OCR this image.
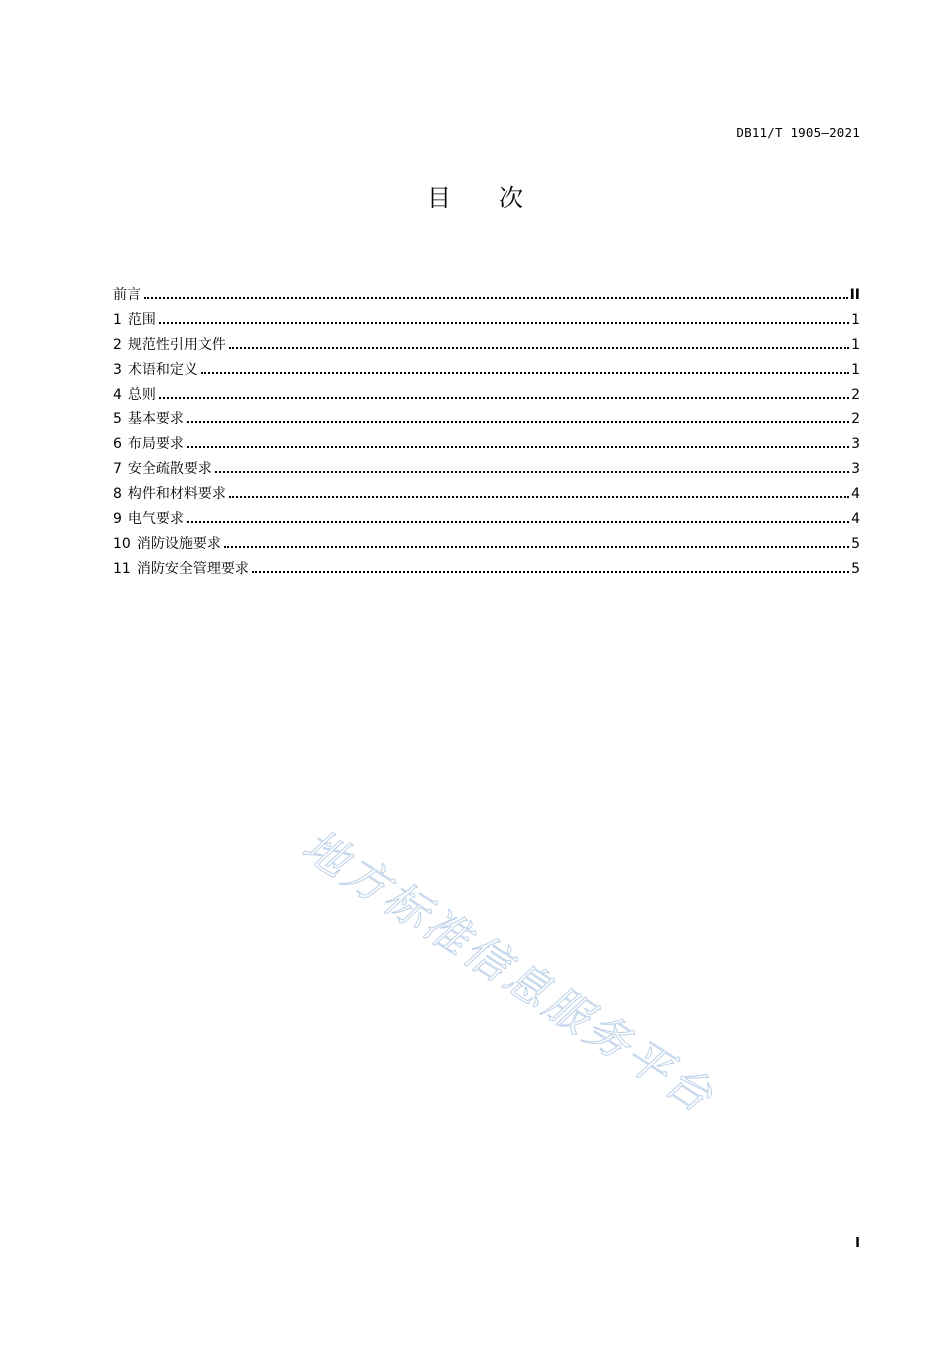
DB11/T 1905—2021
目次
前言	II
1 范围	1
2 规范性引用文件	1
3 术语和定义	1
4 总则	2
5 基本要求	2
6 布局要求	3
7 安全疏散要求	3
8 构件和材料要求	4
9 电气要求	4
10 消防设施要求	5
11 消防安全管理要求	5
地方标准信息服务平台
I
